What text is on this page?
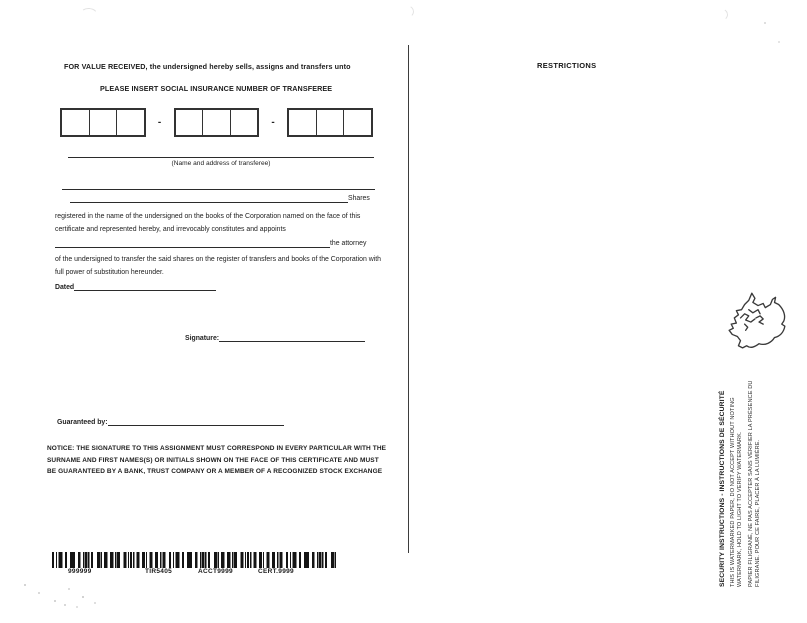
FOR VALUE RECEIVED, the undersigned hereby sells, assigns and transfers unto
PLEASE INSERT SOCIAL INSURANCE NUMBER OF TRANSFEREE
-	-
(Name and address of transferee)
Shares
registered in the name of the undersigned on the books of the Corporation named on the face of this certificate and represented hereby, and irrevocably constitutes and appoints
the attorney
of the undersigned to transfer the said shares on the register of transfers and books of the Corporation with full power of substitution hereunder.
Dated
Signature:
Guaranteed by:
NOTICE: THE SIGNATURE TO THIS ASSIGNMENT MUST CORRESPOND IN EVERY PARTICULAR WITH THE SURNAME AND FIRST NAMES(S) OR INITIALS SHOWN ON THE FACE OF THIS CERTIFICATE AND MUST BE GUARANTEED BY A BANK, TRUST COMPANY OR A MEMBER OF A RECOGNIZED STOCK EXCHANGE
999999	TIR5405	ACCT9999	CERT.9999
RESTRICTIONS

SECURITY INSTRUCTIONS - INSTRUCTIONS DE SÉCURITÉ THIS IS WATERMARKED PAPER, DO NOT ACCEPT WITHOUT NOTING WATERMARK, HOLD TO LIGHT TO VERIFY WATERMARK. PAPIER FILIGRANÉ, NE PAS ACCEPTER SANS VÉRIFIER LA PRÉSENCE DU FILIGRANE. POUR CE FAIRE, PLACER À LA LUMIÈRE.
